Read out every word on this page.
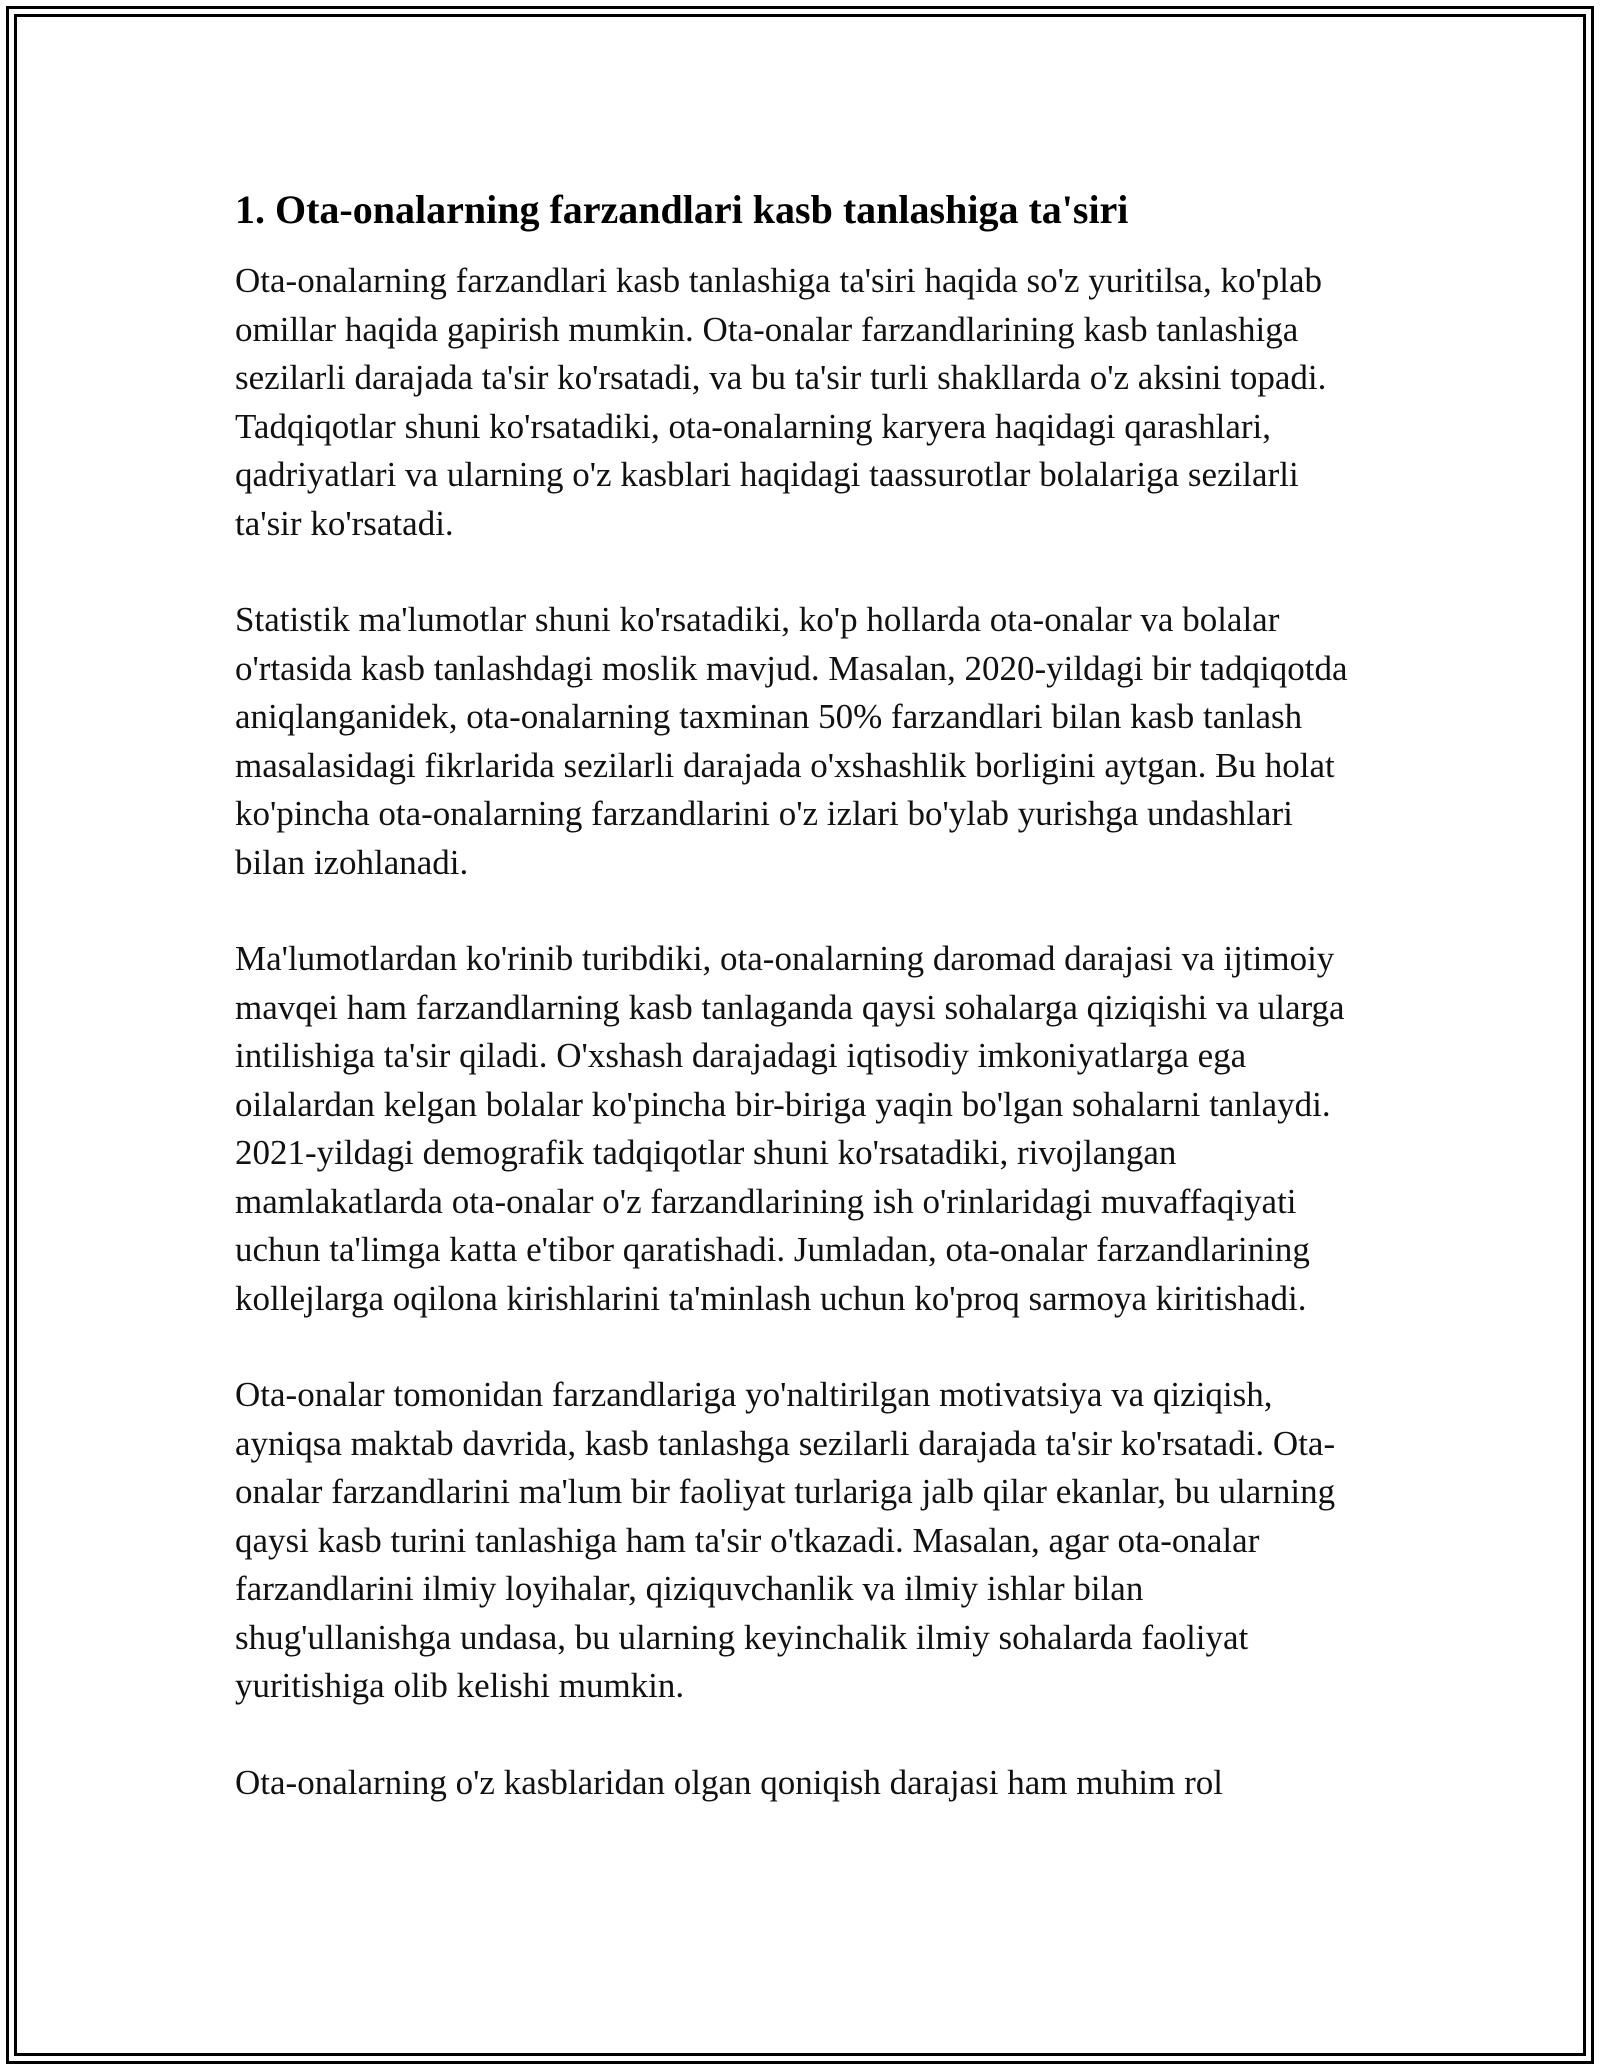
1. Ota-onalarning farzandlari kasb tanlashiga ta'siri

Ota-onalarning farzandlari kasb tanlashiga ta'siri haqida so'z yuritilsa, ko'plab omillar haqida gapirish mumkin. Ota-onalar farzandlarining kasb tanlashiga sezilarli darajada ta'sir ko'rsatadi, va bu ta'sir turli shakllarda o'z aksini topadi. Tadqiqotlar shuni ko'rsatadiki, ota-onalarning karyera haqidagi qarashlari, qadriyatlari va ularning o'z kasblari haqidagi taassurotlar bolalariga sezilarli ta'sir ko'rsatadi.

Statistik ma'lumotlar shuni ko'rsatadiki, ko'p hollarda ota-onalar va bolalar o'rtasida kasb tanlashdagi moslik mavjud. Masalan, 2020-yildagi bir tadqiqotda aniqlanganidek, ota-onalarning taxminan 50% farzandlari bilan kasb tanlash masalasidagi fikrlarida sezilarli darajada o'xshashlik borligini aytgan. Bu holat ko'pincha ota-onalarning farzandlarini o'z izlari bo'ylab yurishga undashlari bilan izohlanadi.

Ma'lumotlardan ko'rinib turibdiki, ota-onalarning daromad darajasi va ijtimoiy mavqei ham farzandlarning kasb tanlaganda qaysi sohalarga qiziqishi va ularga intilishiga ta'sir qiladi. O'xshash darajadagi iqtisodiy imkoniyatlarga ega oilalardan kelgan bolalar ko'pincha bir-biriga yaqin bo'lgan sohalarni tanlaydi. 2021-yildagi demografik tadqiqotlar shuni ko'rsatadiki, rivojlangan mamlakatlarda ota-onalar o'z farzandlarining ish o'rinlaridagi muvaffaqiyati uchun ta'limga katta e'tibor qaratishadi. Jumladan, ota-onalar farzandlarining kollejlarga oqilona kirishlarini ta'minlash uchun ko'proq sarmoya kiritishadi.

Ota-onalar tomonidan farzandlariga yo'naltirilgan motivatsiya va qiziqish, ayniqsa maktab davrida, kasb tanlashga sezilarli darajada ta'sir ko'rsatadi. Ota-onalar farzandlarini ma'lum bir faoliyat turlariga jalb qilar ekanlar, bu ularning qaysi kasb turini tanlashiga ham ta'sir o'tkazadi. Masalan, agar ota-onalar farzandlarini ilmiy loyihalar, qiziquvchanlik va ilmiy ishlar bilan shug'ullanishga undasa, bu ularning keyinchalik ilmiy sohalarda faoliyat yuritishiga olib kelishi mumkin.

Ota-onalarning o'z kasblaridan olgan qoniqish darajasi ham muhim rol
